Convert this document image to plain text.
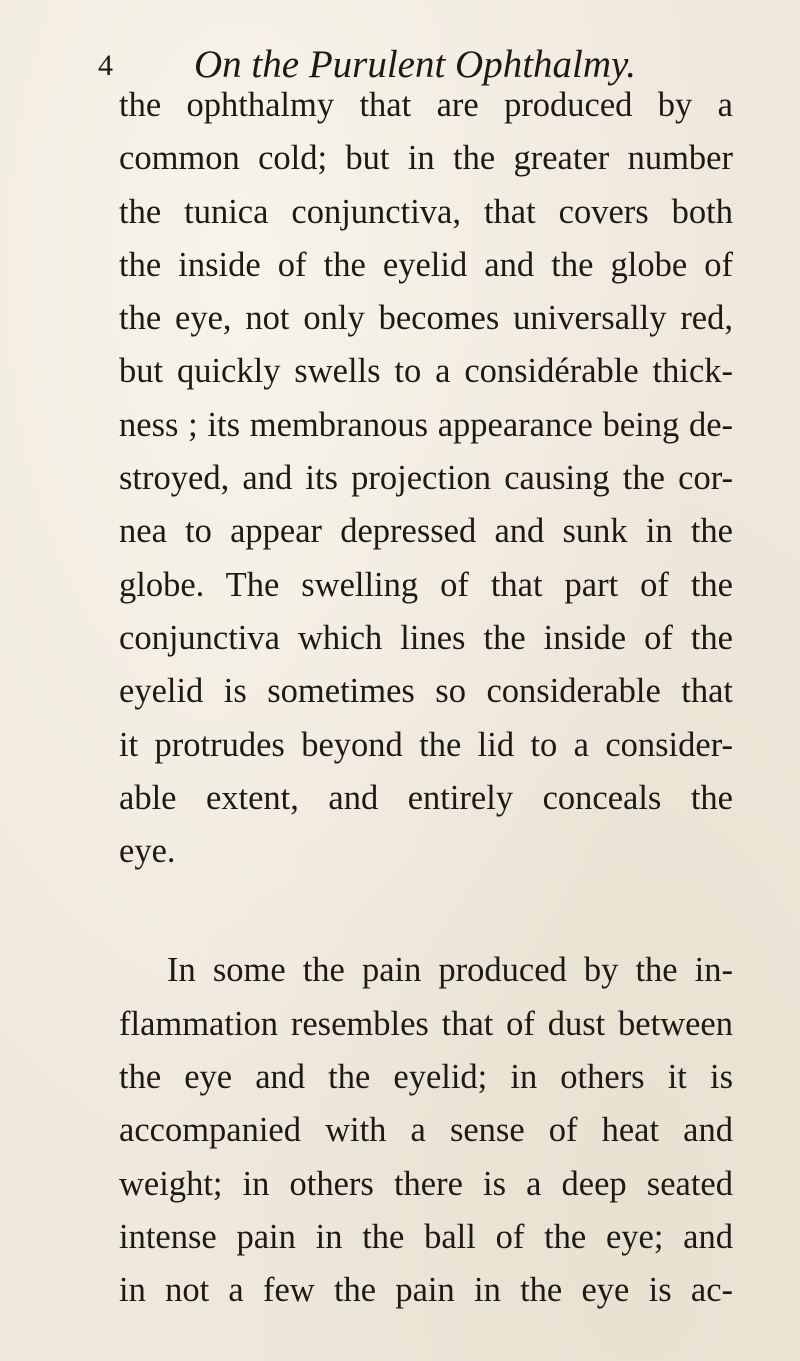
4	On the Purulent Ophthalmy.
the ophthalmy that are produced by a
common cold; but in the greater number
the tunica conjunctiva, that covers both
the inside of the eyelid and the globe of
the eye, not only becomes universally red,
but quickly swells to a considérable thick-
ness ; its membranous appearance being de-
stroyed, and its projection causing the cor-
nea to appear depressed and sunk in the
globe. The swelling of that part of the
conjunctiva which lines the inside of the
eyelid is sometimes so considerable that
it protrudes beyond the lid to a consider-
able extent, and entirely conceals the
eye.
In some the pain produced by the in-
flammation resembles that of dust between
the eye and the eyelid; in others it is
accompanied with a sense of heat and
weight; in others there is a deep seated
intense pain in the ball of the eye; and
in not a few the pain in the eye is ac-
